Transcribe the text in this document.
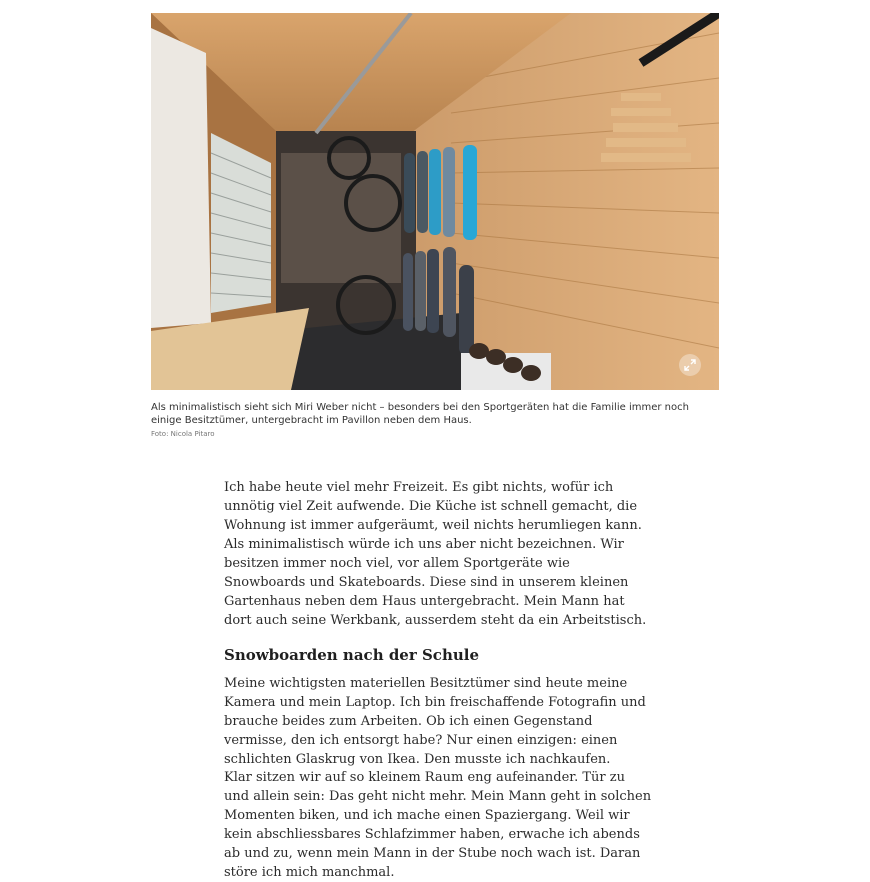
Als minimalistisch sieht sich Miri Weber nicht – besonders bei den Sportgeräten hat die Familie immer noch einige Besitztümer, untergebracht im Pavillon neben dem Haus.
Foto: Nicola Pitaro

Ich habe heute viel mehr Freizeit. Es gibt nichts, wofür ich unnötig viel Zeit aufwende. Die Küche ist schnell gemacht, die Wohnung ist immer aufgeräumt, weil nichts herumliegen kann. Als minimalistisch würde ich uns aber nicht bezeichnen. Wir besitzen immer noch viel, vor allem Sportgeräte wie Snowboards und Skateboards. Diese sind in unserem kleinen Gartenhaus neben dem Haus untergebracht. Mein Mann hat dort auch seine Werkbank, ausserdem steht da ein Arbeitstisch.

Snowboarden nach der Schule

Meine wichtigsten materiellen Besitztümer sind heute meine Kamera und mein Laptop. Ich bin freischaffende Fotografin und brauche beides zum Arbeiten. Ob ich einen Gegenstand vermisse, den ich entsorgt habe? Nur einen einzigen: einen schlichten Glaskrug von Ikea. Den musste ich nachkaufen.

Klar sitzen wir auf so kleinem Raum eng aufeinander. Tür zu und allein sein: Das geht nicht mehr. Mein Mann geht in solchen Momenten biken, und ich mache einen Spaziergang. Weil wir kein abschliessbares Schlafzimmer haben, erwache ich abends ab und zu, wenn mein Mann in der Stube noch wach ist. Daran störe ich mich manchmal.
